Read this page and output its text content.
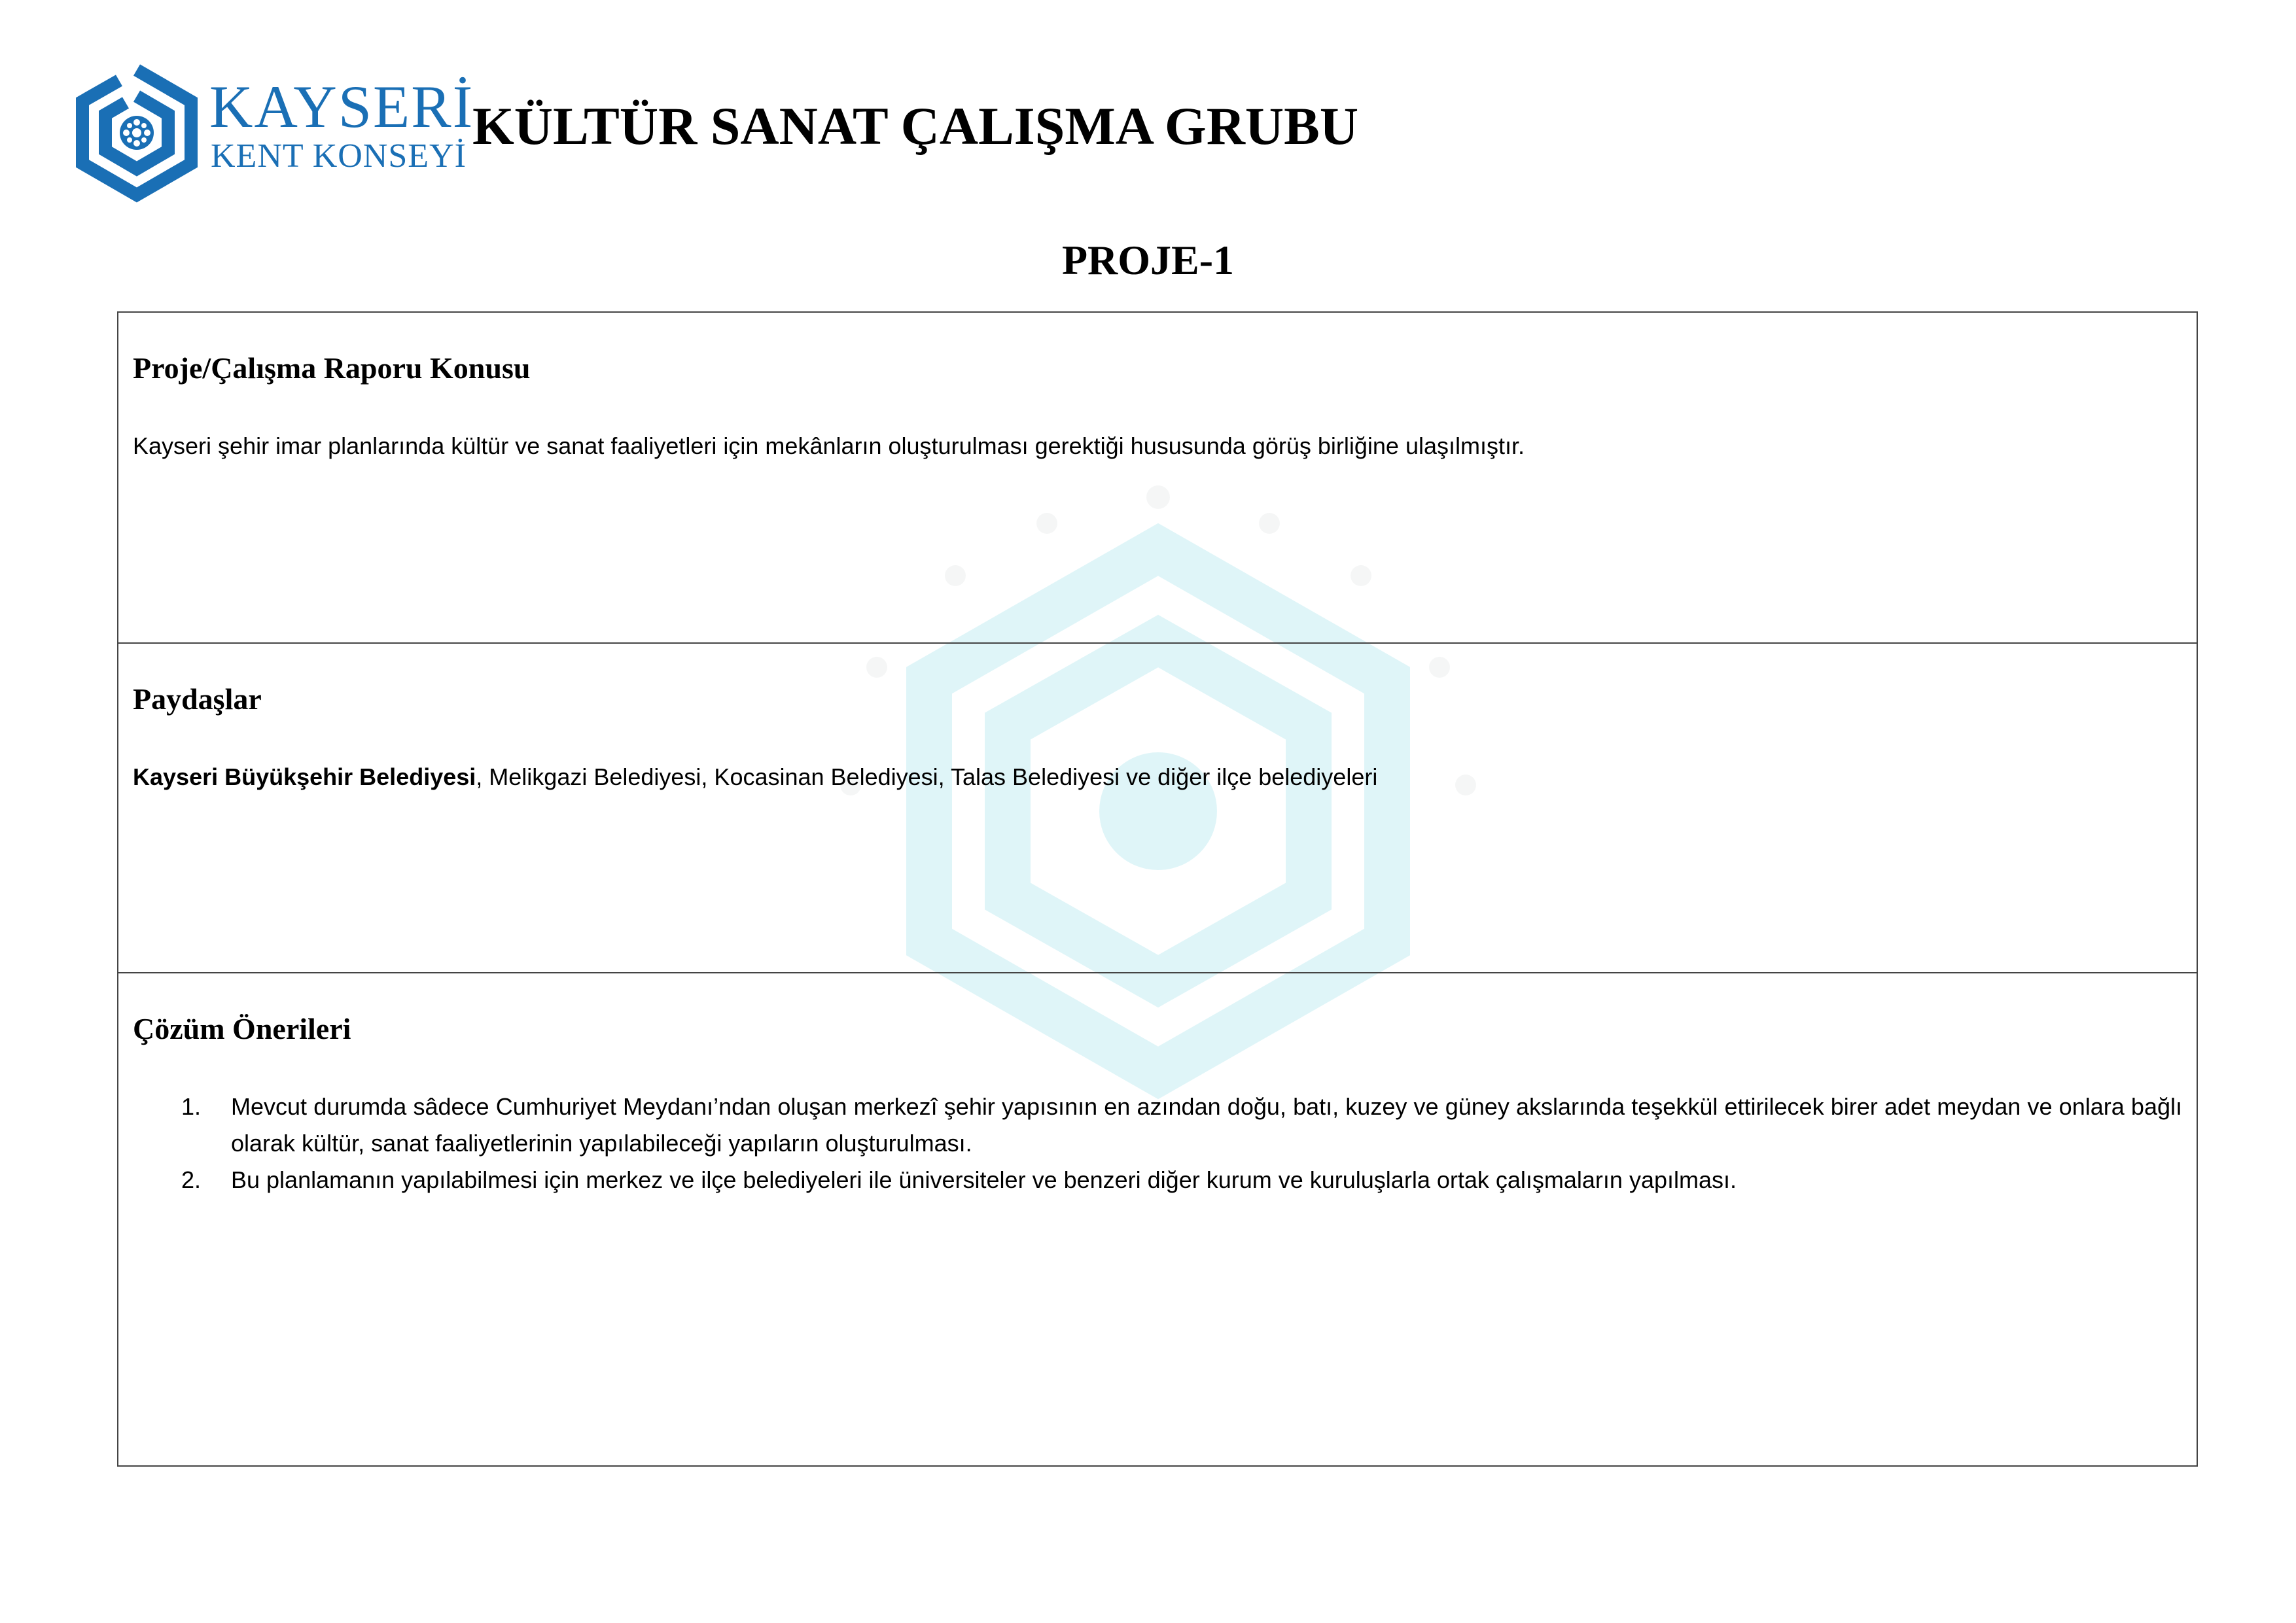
KAYSERİ
KENT KONSEYİ
KÜLTÜR SANAT ÇALIŞMA GRUBU
PROJE-1
Proje/Çalışma Raporu Konusu
Kayseri şehir imar planlarında kültür ve sanat faaliyetleri için mekânların oluşturulması gerektiği hususunda görüş birliğine ulaşılmıştır.
Paydaşlar
Kayseri Büyükşehir Belediyesi, Melikgazi Belediyesi, Kocasinan Belediyesi, Talas Belediyesi ve diğer ilçe belediyeleri
Çözüm Önerileri
1. Mevcut durumda sâdece Cumhuriyet Meydanı’ndan oluşan merkezî şehir yapısının en azından doğu, batı, kuzey ve güney akslarında teşekkül ettirilecek birer adet meydan ve onlara bağlı olarak kültür, sanat faaliyetlerinin yapılabileceği yapıların oluşturulması.
2. Bu planlamanın yapılabilmesi için merkez ve ilçe belediyeleri ile üniversiteler ve benzeri diğer kurum ve kuruluşlarla ortak çalışmaların yapılması.
